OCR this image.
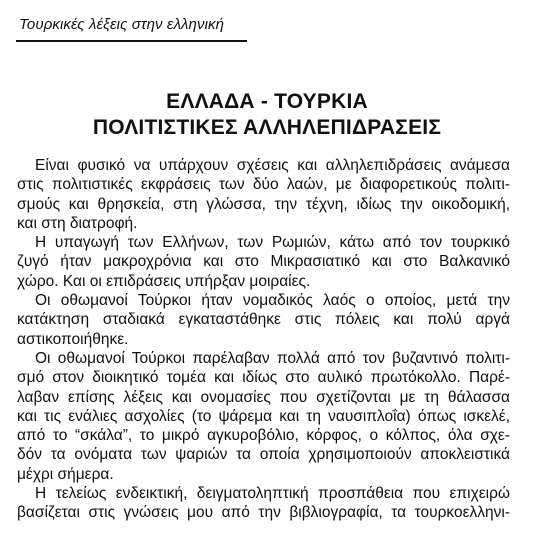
Τουρκικές λέξεις στην ελληνική
ΕΛΛΑΔΑ - ΤΟΥΡΚΙΑ
ΠΟΛΙΤΙΣΤΙΚΕΣ ΑΛΛΗΛΕΠΙΔΡΑΣΕΙΣ
Είναι φυσικό να υπάρχουν σχέσεις και αλληλεπιδράσεις ανάμεσα
στις πολιτιστικές εκφράσεις των δύο λαών, με διαφορετικούς πολιτι-
σμούς και θρησκεία, στη γλώσσα, την τέχνη, ιδίως την οικοδομική,
και στη διατροφή.
Η υπαγωγή των Ελλήνων, των Ρωμιών, κάτω από τον τουρκικό
ζυγό ήταν μακροχρόνια και στο Μικρασιατικό και στο Βαλκανικό
χώρο. Και οι επιδράσεις υπήρξαν μοιραίες.
Οι οθωμανοί Τούρκοι ήταν νομαδικός λαός ο οποίος, μετά την
κατάκτηση σταδιακά εγκαταστάθηκε στις πόλεις και πολύ αργά
αστικοποιήθηκε.
Οι οθωμανοί Τούρκοι παρέλαβαν πολλά από τον βυζαντινό πολιτι-
σμό στον διοικητικό τομέα και ιδίως στο αυλικό πρωτόκολλο. Παρέ-
λαβαν επίσης λέξεις και ονομασίες που σχετίζονται με τη θάλασσα
και τις ενάλιες ασχολίες (το ψάρεμα και τη ναυσιπλοΐα) όπως ισκελέ,
από το “σκάλα”, το μικρό αγκυροβόλιο, κόρφος, ο κόλπος, όλα σχε-
δόν τα ονόματα των ψαριών τα οποία χρησιμοποιούν αποκλειστικά
μέχρι σήμερα.
Η τελείως ενδεικτική, δειγματοληπτική προσπάθεια που επιχειρώ
βασίζεται στις γνώσεις μου από την βιβλιογραφία, τα τουρκοελληνι-
